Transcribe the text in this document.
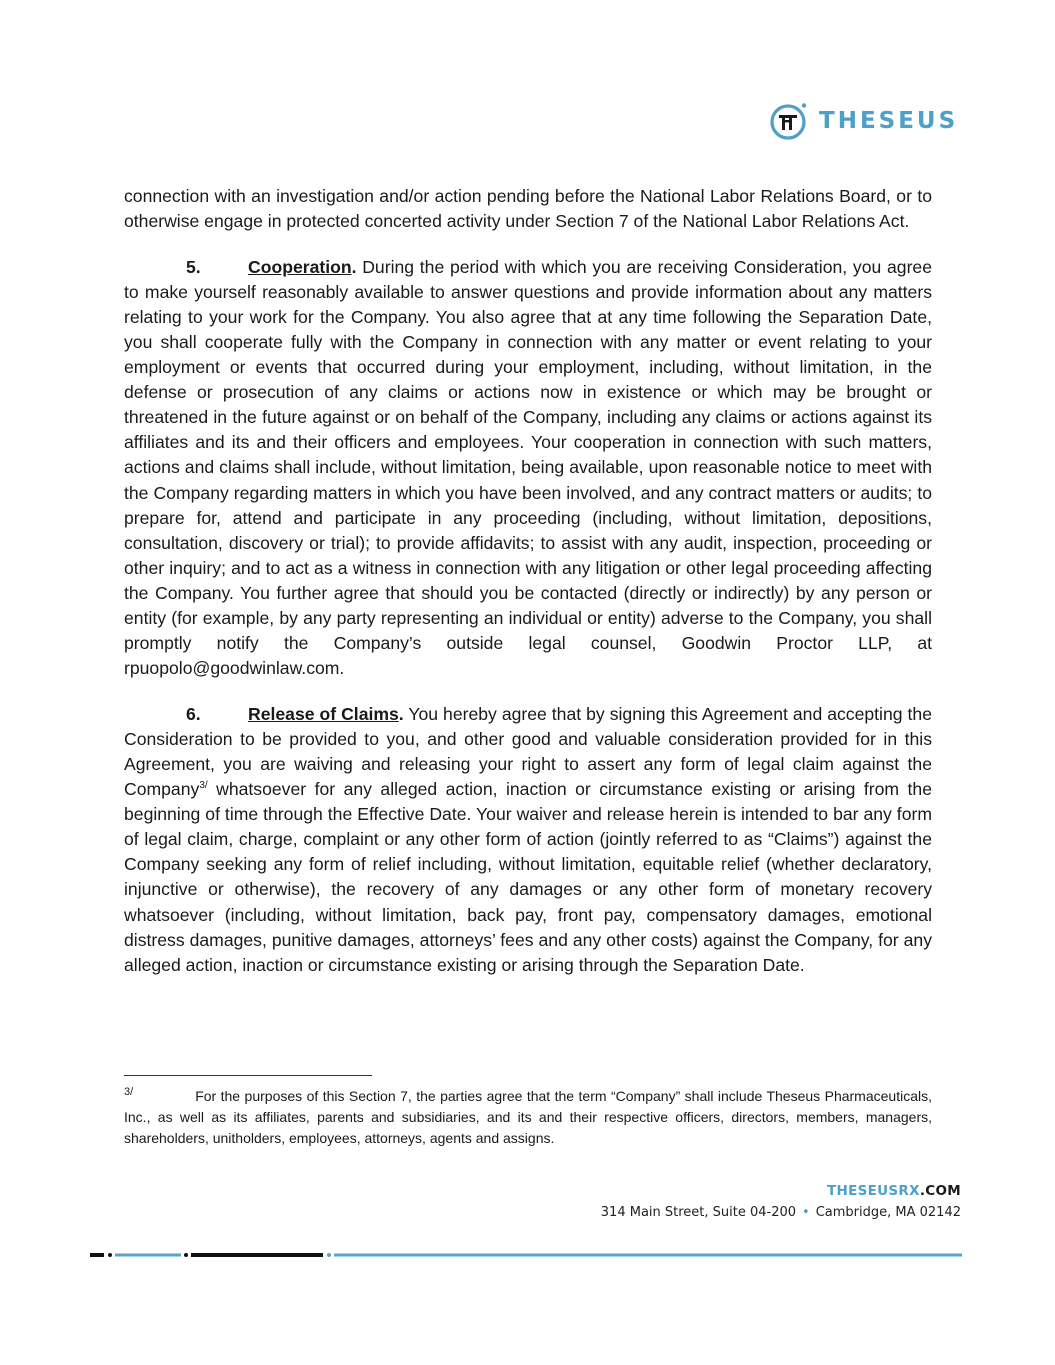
THESEUS

connection with an investigation and/or action pending before the National Labor Relations Board, or to otherwise engage in protected concerted activity under Section 7 of the National Labor Relations Act.

5.	Cooperation. During the period with which you are receiving Consideration, you agree to make yourself reasonably available to answer questions and provide information about any matters relating to your work for the Company. You also agree that at any time following the Separation Date, you shall cooperate fully with the Company in connection with any matter or event relating to your employment or events that occurred during your employment, including, without limitation, in the defense or prosecution of any claims or actions now in existence or which may be brought or threatened in the future against or on behalf of the Company, including any claims or actions against its affiliates and its and their officers and employees. Your cooperation in connection with such matters, actions and claims shall include, without limitation, being available, upon reasonable notice to meet with the Company regarding matters in which you have been involved, and any contract matters or audits; to prepare for, attend and participate in any proceeding (including, without limitation, depositions, consultation, discovery or trial); to provide affidavits; to assist with any audit, inspection, proceeding or other inquiry; and to act as a witness in connection with any litigation or other legal proceeding affecting the Company. You further agree that should you be contacted (directly or indirectly) by any person or entity (for example, by any party representing an individual or entity) adverse to the Company, you shall promptly notify the Company’s outside legal counsel, Goodwin Proctor LLP, at rpuopolo@goodwinlaw.com.

6.	Release of Claims. You hereby agree that by signing this Agreement and accepting the Consideration to be provided to you, and other good and valuable consideration provided for in this Agreement, you are waiving and releasing your right to assert any form of legal claim against the Company$^{3/}$ whatsoever for any alleged action, inaction or circumstance existing or arising from the beginning of time through the Effective Date. Your waiver and release herein is intended to bar any form of legal claim, charge, complaint or any other form of action (jointly referred to as “Claims”) against the Company seeking any form of relief including, without limitation, equitable relief (whether declaratory, injunctive or otherwise), the recovery of any damages or any other form of monetary recovery whatsoever (including, without limitation, back pay, front pay, compensatory damages, emotional distress damages, punitive damages, attorneys’ fees and any other costs) against the Company, for any alleged action, inaction or circumstance existing or arising through the Separation Date.

$^{3/}$	For the purposes of this Section 7, the parties agree that the term “Company” shall include Theseus Pharmaceuticals, Inc., as well as its affiliates, parents and subsidiaries, and its and their respective officers, directors, members, managers, shareholders, unitholders, employees, attorneys, agents and assigns.
THESEUSRX.COM
314 Main Street, Suite 04-200 • Cambridge, MA 02142
